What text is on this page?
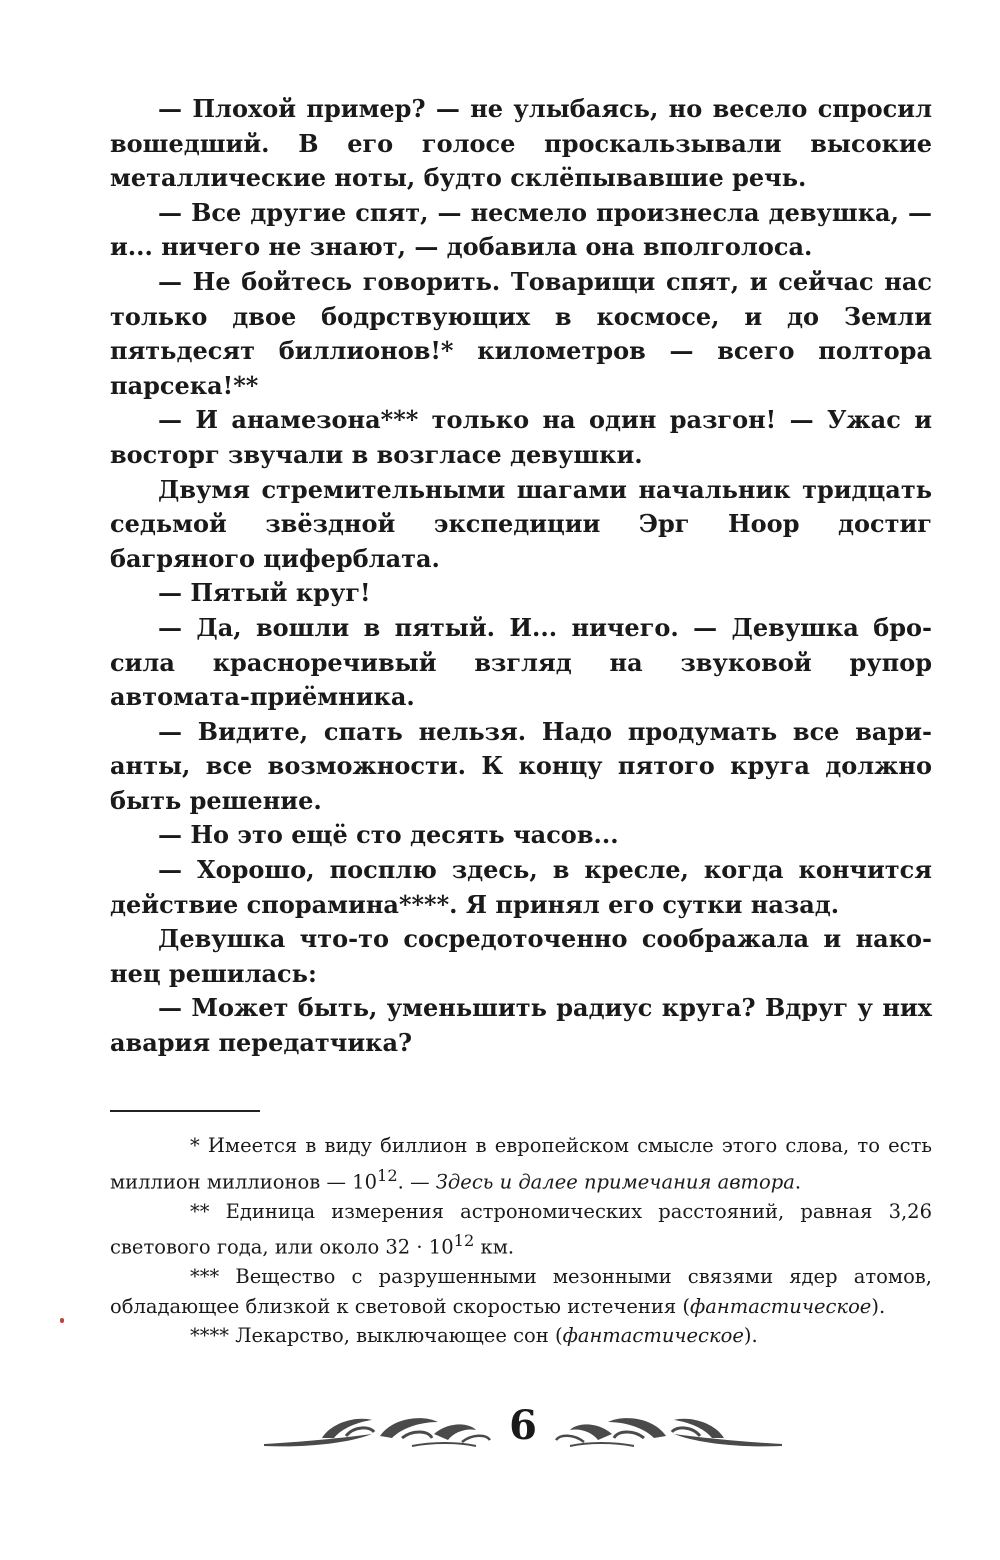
— Плохой пример? — не улыбаясь, но весело спросил вошедший. В его голосе проскальзывали высокие металлические ноты, будто склёпывавшие речь.

— Все другие спят, — несмело произнесла девушка, — и... ничего не знают, — добавила она вполголоса.

— Не бойтесь говорить. Товарищи спят, и сейчас нас только двое бодрствующих в космосе, и до Земли пятьдесят биллионов!* километров — всего полтора парсека!**

— И анамезона*** только на один разгон! — Ужас и восторг звучали в возгласе девушки.

Двумя стремительными шагами начальник тридцать седьмой звёздной экспедиции Эрг Ноор достиг багряного циферблата.

— Пятый круг!

— Да, вошли в пятый. И... ничего. — Девушка бросила красноречивый взгляд на звуковой рупор автомата-приёмника.

— Видите, спать нельзя. Надо продумать все варианты, все возможности. К концу пятого круга должно быть решение.

— Но это ещё сто десять часов...

— Хорошо, посплю здесь, в кресле, когда кончится действие спорамина****. Я принял его сутки назад.

Девушка что-то сосредоточенно соображала и наконец решилась:

— Может быть, уменьшить радиус круга? Вдруг у них авария передатчика?

* Имеется в виду биллион в европейском смысле этого слова, то есть миллион миллионов — $10^{12}$. — Здесь и далее примечания автора.

** Единица измерения астрономических расстояний, равная 3,26 светового года, или около $32 \cdot 10^{12}$ км.

*** Вещество с разрушенными мезонными связями ядер атомов, обладающее близкой к световой скоростью истечения (фантастическое).

**** Лекарство, выключающее сон (фантастическое).

6
